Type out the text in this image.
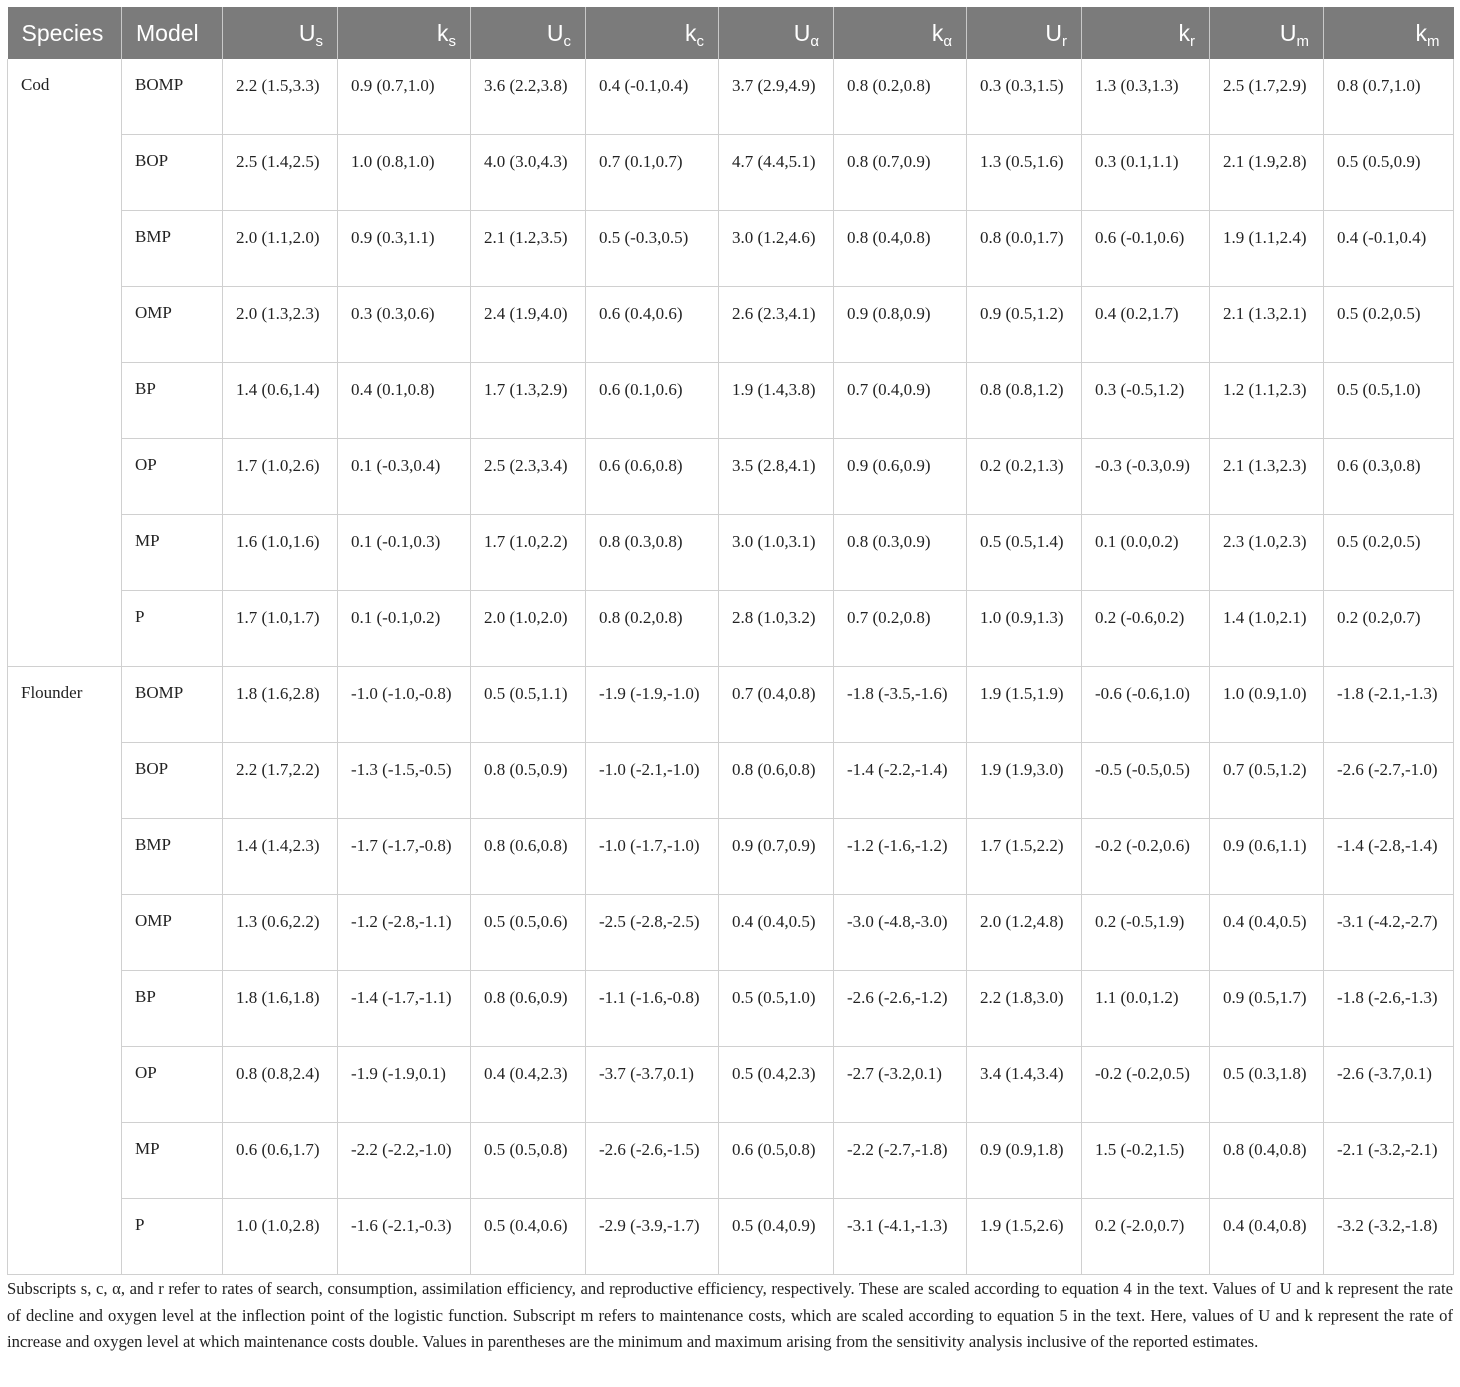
Species	Model	$U_s$	$k_s$	$U_c$	$k_c$	$U_\alpha$	$k_\alpha$	$U_r$	$k_r$	$U_m$	$k_m$
Cod	BOMP	2.2 (1.5,3.3)	0.9 (0.7,1.0)	3.6 (2.2,3.8)	0.4 (-0.1,0.4)	3.7 (2.9,4.9)	0.8 (0.2,0.8)	0.3 (0.3,1.5)	1.3 (0.3,1.3)	2.5 (1.7,2.9)	0.8 (0.7,1.0)
	BOP	2.5 (1.4,2.5)	1.0 (0.8,1.0)	4.0 (3.0,4.3)	0.7 (0.1,0.7)	4.7 (4.4,5.1)	0.8 (0.7,0.9)	1.3 (0.5,1.6)	0.3 (0.1,1.1)	2.1 (1.9,2.8)	0.5 (0.5,0.9)
	BMP	2.0 (1.1,2.0)	0.9 (0.3,1.1)	2.1 (1.2,3.5)	0.5 (-0.3,0.5)	3.0 (1.2,4.6)	0.8 (0.4,0.8)	0.8 (0.0,1.7)	0.6 (-0.1,0.6)	1.9 (1.1,2.4)	0.4 (-0.1,0.4)
	OMP	2.0 (1.3,2.3)	0.3 (0.3,0.6)	2.4 (1.9,4.0)	0.6 (0.4,0.6)	2.6 (2.3,4.1)	0.9 (0.8,0.9)	0.9 (0.5,1.2)	0.4 (0.2,1.7)	2.1 (1.3,2.1)	0.5 (0.2,0.5)
	BP	1.4 (0.6,1.4)	0.4 (0.1,0.8)	1.7 (1.3,2.9)	0.6 (0.1,0.6)	1.9 (1.4,3.8)	0.7 (0.4,0.9)	0.8 (0.8,1.2)	0.3 (-0.5,1.2)	1.2 (1.1,2.3)	0.5 (0.5,1.0)
	OP	1.7 (1.0,2.6)	0.1 (-0.3,0.4)	2.5 (2.3,3.4)	0.6 (0.6,0.8)	3.5 (2.8,4.1)	0.9 (0.6,0.9)	0.2 (0.2,1.3)	-0.3 (-0.3,0.9)	2.1 (1.3,2.3)	0.6 (0.3,0.8)
	MP	1.6 (1.0,1.6)	0.1 (-0.1,0.3)	1.7 (1.0,2.2)	0.8 (0.3,0.8)	3.0 (1.0,3.1)	0.8 (0.3,0.9)	0.5 (0.5,1.4)	0.1 (0.0,0.2)	2.3 (1.0,2.3)	0.5 (0.2,0.5)
	P	1.7 (1.0,1.7)	0.1 (-0.1,0.2)	2.0 (1.0,2.0)	0.8 (0.2,0.8)	2.8 (1.0,3.2)	0.7 (0.2,0.8)	1.0 (0.9,1.3)	0.2 (-0.6,0.2)	1.4 (1.0,2.1)	0.2 (0.2,0.7)
Flounder	BOMP	1.8 (1.6,2.8)	-1.0 (-1.0,-0.8)	0.5 (0.5,1.1)	-1.9 (-1.9,-1.0)	0.7 (0.4,0.8)	-1.8 (-3.5,-1.6)	1.9 (1.5,1.9)	-0.6 (-0.6,1.0)	1.0 (0.9,1.0)	-1.8 (-2.1,-1.3)
	BOP	2.2 (1.7,2.2)	-1.3 (-1.5,-0.5)	0.8 (0.5,0.9)	-1.0 (-2.1,-1.0)	0.8 (0.6,0.8)	-1.4 (-2.2,-1.4)	1.9 (1.9,3.0)	-0.5 (-0.5,0.5)	0.7 (0.5,1.2)	-2.6 (-2.7,-1.0)
	BMP	1.4 (1.4,2.3)	-1.7 (-1.7,-0.8)	0.8 (0.6,0.8)	-1.0 (-1.7,-1.0)	0.9 (0.7,0.9)	-1.2 (-1.6,-1.2)	1.7 (1.5,2.2)	-0.2 (-0.2,0.6)	0.9 (0.6,1.1)	-1.4 (-2.8,-1.4)
	OMP	1.3 (0.6,2.2)	-1.2 (-2.8,-1.1)	0.5 (0.5,0.6)	-2.5 (-2.8,-2.5)	0.4 (0.4,0.5)	-3.0 (-4.8,-3.0)	2.0 (1.2,4.8)	0.2 (-0.5,1.9)	0.4 (0.4,0.5)	-3.1 (-4.2,-2.7)
	BP	1.8 (1.6,1.8)	-1.4 (-1.7,-1.1)	0.8 (0.6,0.9)	-1.1 (-1.6,-0.8)	0.5 (0.5,1.0)	-2.6 (-2.6,-1.2)	2.2 (1.8,3.0)	1.1 (0.0,1.2)	0.9 (0.5,1.7)	-1.8 (-2.6,-1.3)
	OP	0.8 (0.8,2.4)	-1.9 (-1.9,0.1)	0.4 (0.4,2.3)	-3.7 (-3.7,0.1)	0.5 (0.4,2.3)	-2.7 (-3.2,0.1)	3.4 (1.4,3.4)	-0.2 (-0.2,0.5)	0.5 (0.3,1.8)	-2.6 (-3.7,0.1)
	MP	0.6 (0.6,1.7)	-2.2 (-2.2,-1.0)	0.5 (0.5,0.8)	-2.6 (-2.6,-1.5)	0.6 (0.5,0.8)	-2.2 (-2.7,-1.8)	0.9 (0.9,1.8)	1.5 (-0.2,1.5)	0.8 (0.4,0.8)	-2.1 (-3.2,-2.1)
	P	1.0 (1.0,2.8)	-1.6 (-2.1,-0.3)	0.5 (0.4,0.6)	-2.9 (-3.9,-1.7)	0.5 (0.4,0.9)	-3.1 (-4.1,-1.3)	1.9 (1.5,2.6)	0.2 (-2.0,0.7)	0.4 (0.4,0.8)	-3.2 (-3.2,-1.8)
Subscripts s, c, α, and r refer to rates of search, consumption, assimilation efficiency, and reproductive efficiency, respectively. These are scaled according to equation 4 in the text. Values of U and k represent the rate of decline and oxygen level at the inflection point of the logistic function. Subscript m refers to maintenance costs, which are scaled according to equation 5 in the text. Here, values of U and k represent the rate of increase and oxygen level at which maintenance costs double. Values in parentheses are the minimum and maximum arising from the sensitivity analysis inclusive of the reported estimates.
